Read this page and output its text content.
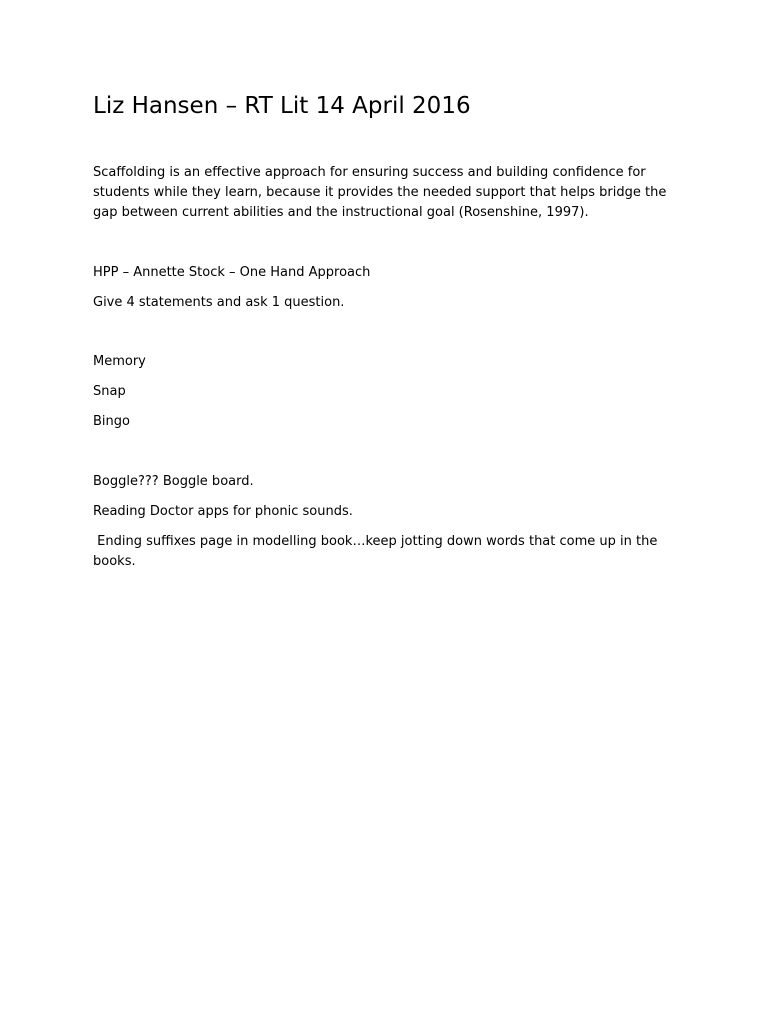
Liz Hansen – RT Lit 14 April 2016

Scaffolding is an effective approach for ensuring success and building confidence for students while they learn, because it provides the needed support that helps bridge the gap between current abilities and the instructional goal (Rosenshine, 1997).

HPP – Annette Stock – One Hand Approach

Give 4 statements and ask 1 question.

Memory

Snap

Bingo

Boggle??? Boggle board.

Reading Doctor apps for phonic sounds.

Ending suffixes page in modelling book…keep jotting down words that come up in the books.
